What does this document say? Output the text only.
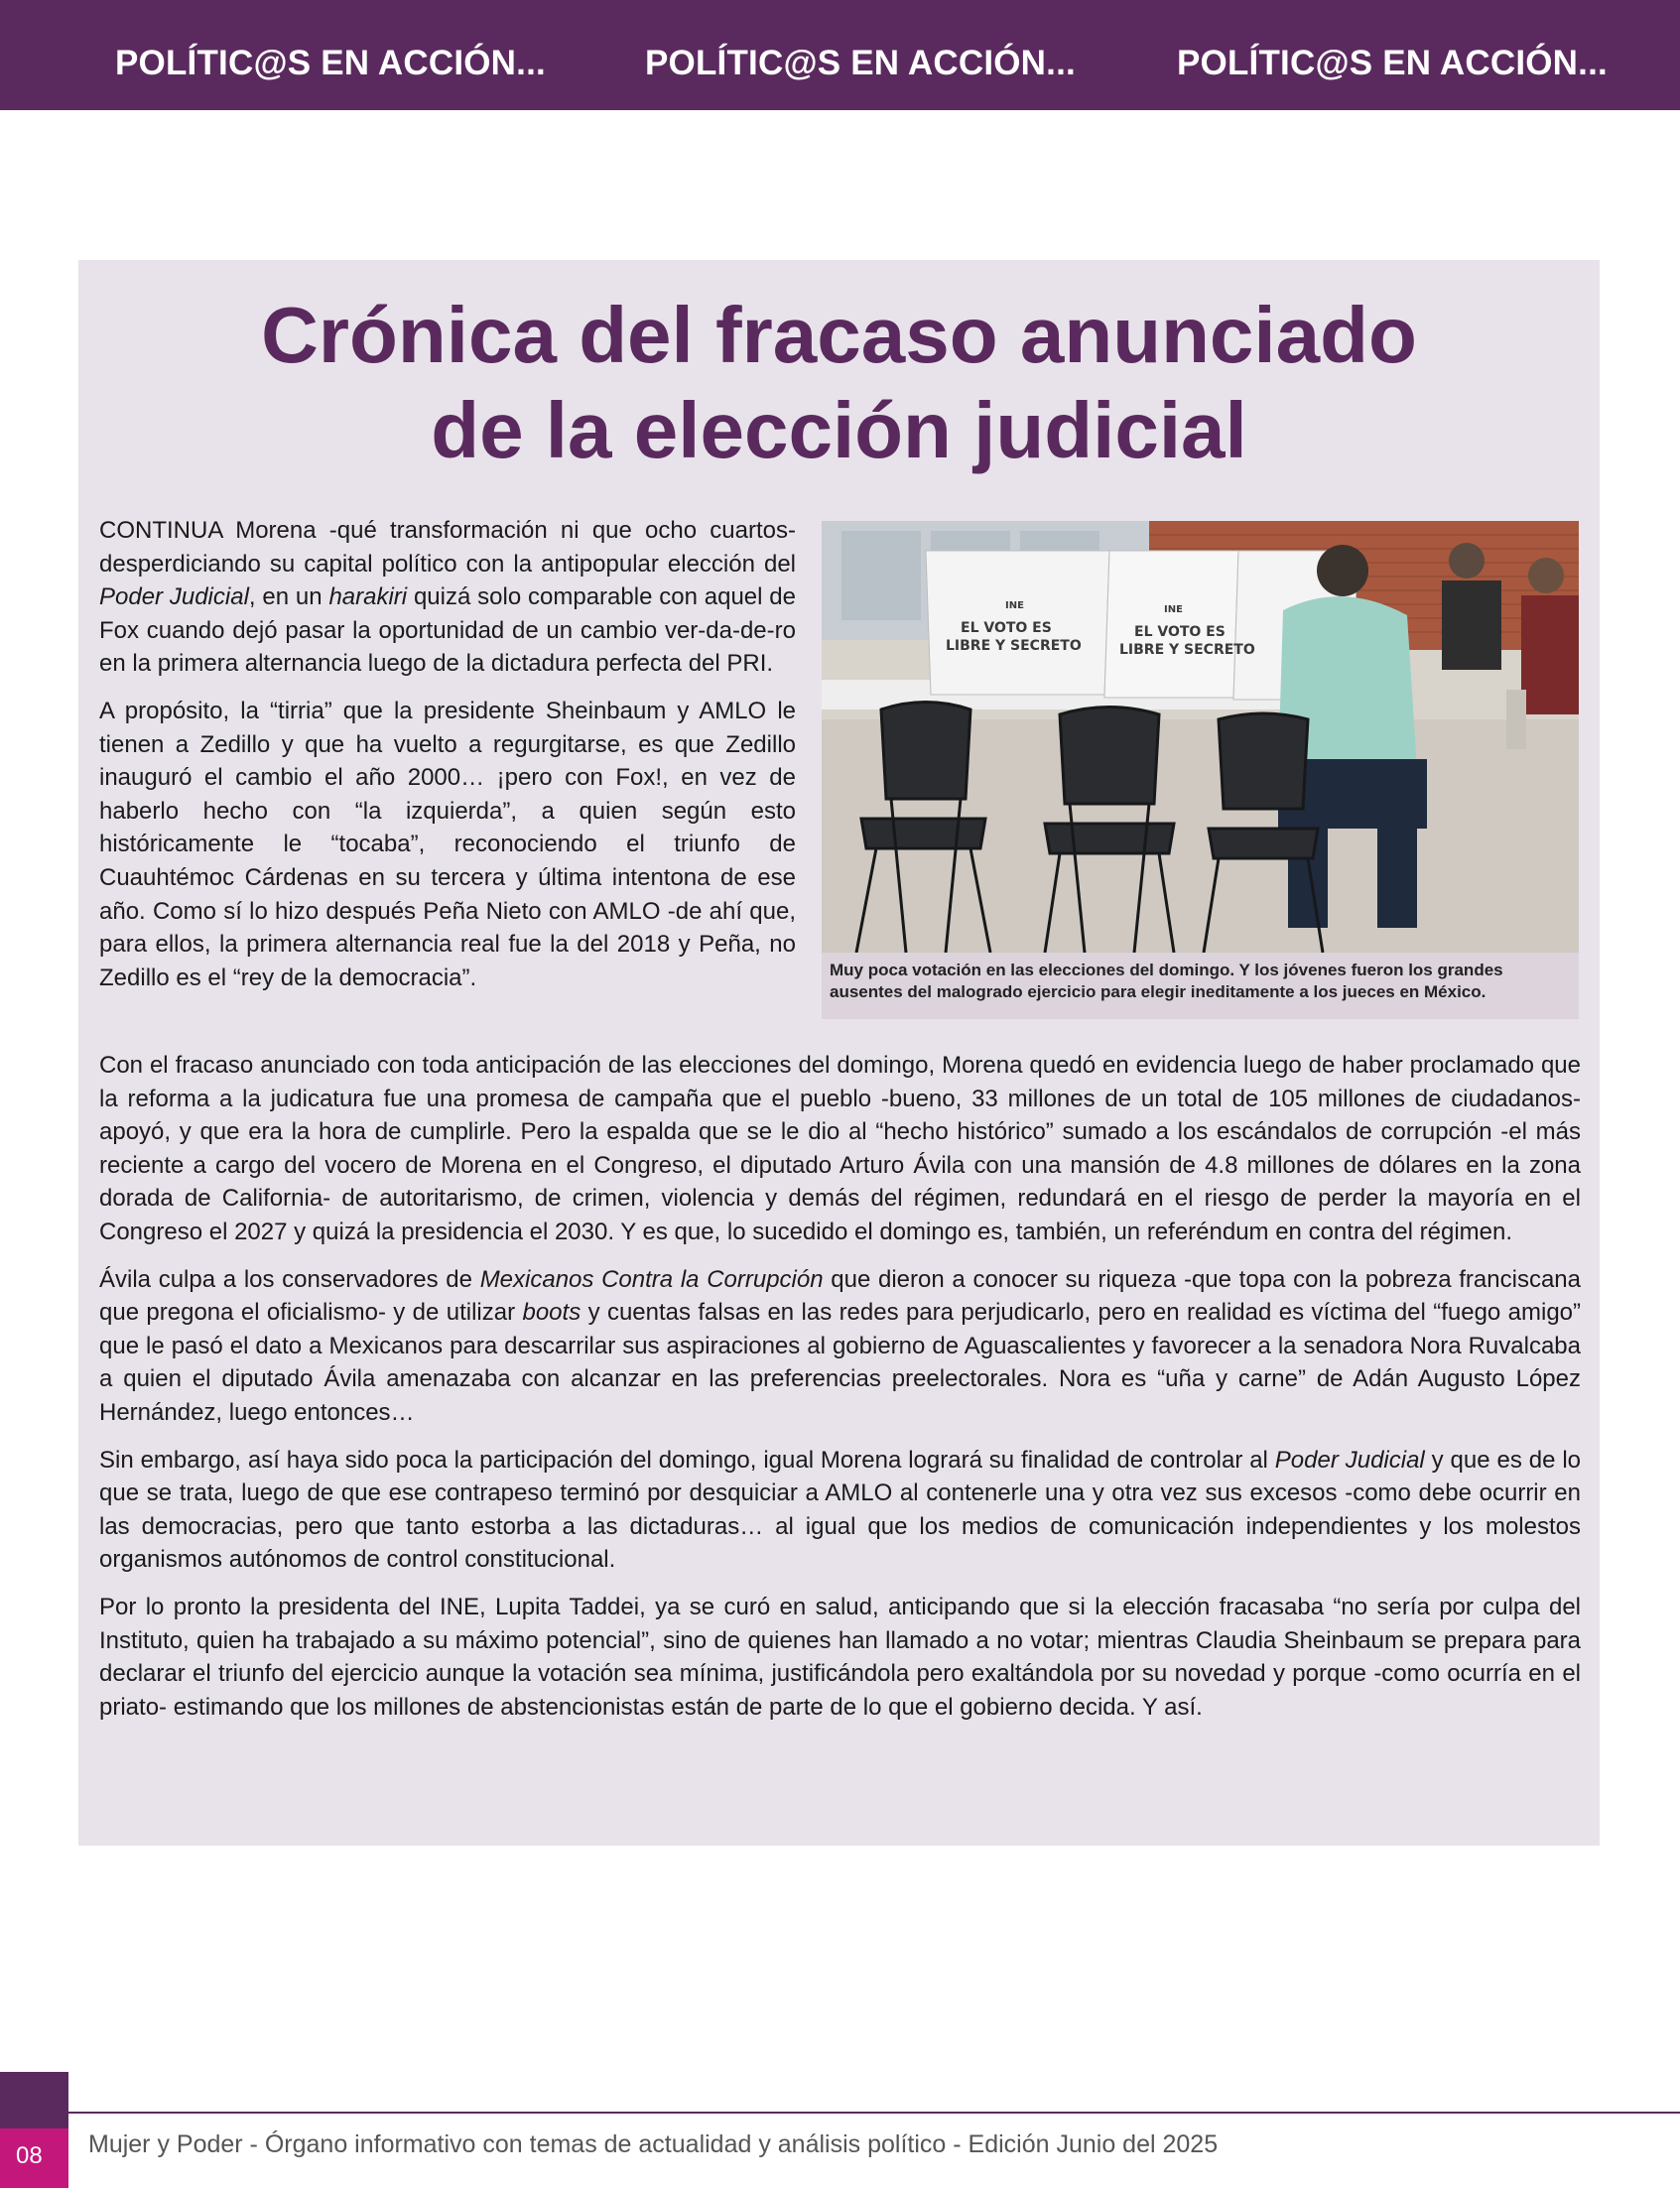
POLÍTIC@S EN ACCIÓN...	POLÍTIC@S EN ACCIÓN...	POLÍTIC@S EN ACCIÓN...
Crónica del fracaso anunciado
de la elección judicial

CONTINUA Morena -qué transformación ni que ocho cuartos- desperdiciando su capital político con la antipopular elección del Poder Judicial, en un harakiri quizá solo comparable con aquel de Fox cuando dejó pasar la oportunidad de un cambio ver-da-de-ro en la primera alternancia luego de la dictadura perfecta del PRI.

A propósito, la “tirria” que la presidente Sheinbaum y AMLO le tienen a Zedillo y que ha vuelto a regurgitarse, es que Zedillo inauguró el cambio el año 2000… ¡pero con Fox!, en vez de haberlo hecho con “la izquierda”, a quien según esto históricamente le “tocaba”, reconociendo el triunfo de Cuauhtémoc Cárdenas en su tercera y última intentona de ese año. Como sí lo hizo después Peña Nieto con AMLO -de ahí que, para ellos, la primera alternancia real fue la del 2018 y Peña, no Zedillo es el “rey de la democracia”.

INE
EL VOTO ES
LIBRE Y SECRETO
INE
EL VOTO ES
LIBRE Y SECRETO
Muy poca votación en las elecciones del domingo. Y los jóvenes fueron los grandes ausentes del malogrado ejercicio para elegir ineditamente a los jueces en México.

Con el fracaso anunciado con toda anticipación de las elecciones del domingo, Morena quedó en evidencia luego de haber proclamado que la reforma a la judicatura fue una promesa de campaña que el pueblo -bueno, 33 millones de un total de 105 millones de ciudadanos- apoyó, y que era la hora de cumplirle. Pero la espalda que se le dio al “hecho histórico” sumado a los escándalos de corrupción -el más reciente a cargo del vocero de Morena en el Congreso, el diputado Arturo Ávila con una mansión de 4.8 millones de dólares en la zona dorada de California- de autoritarismo, de crimen, violencia y demás del régimen, redundará en el riesgo de perder la mayoría en el Congreso el 2027 y quizá la presidencia el 2030. Y es que, lo sucedido el domingo es, también, un referéndum en contra del régimen.

Ávila culpa a los conservadores de Mexicanos Contra la Corrupción que dieron a conocer su riqueza -que topa con la pobreza franciscana que pregona el oficialismo- y de utilizar boots y cuentas falsas en las redes para perjudicarlo, pero en realidad es víctima del “fuego amigo” que le pasó el dato a Mexicanos para descarrilar sus aspiraciones al gobierno de Aguascalientes y favorecer a la senadora Nora Ruvalcaba a quien el diputado Ávila amenazaba con alcanzar en las preferencias preelectorales. Nora es “uña y carne” de Adán Augusto López Hernández, luego entonces…

Sin embargo, así haya sido poca la participación del domingo, igual Morena logrará su finalidad de controlar al Poder Judicial y que es de lo que se trata, luego de que ese contrapeso terminó por desquiciar a AMLO al contenerle una y otra vez sus excesos -como debe ocurrir en las democracias, pero que tanto estorba a las dictaduras… al igual que los medios de comunicación independientes y los molestos organismos autónomos de control constitucional.

Por lo pronto la presidenta del INE, Lupita Taddei, ya se curó en salud, anticipando que si la elección fracasaba “no sería por culpa del Instituto, quien ha trabajado a su máximo potencial”, sino de quienes han llamado a no votar; mientras Claudia Sheinbaum se prepara para declarar el triunfo del ejercicio aunque la votación sea mínima, justificándola pero exaltándola por su novedad y porque -como ocurría en el priato- estimando que los millones de abstencionistas están de parte de lo que el gobierno decida. Y así.

08	Mujer y Poder - Órgano informativo con temas de actualidad y análisis político - Edición Junio del 2025
